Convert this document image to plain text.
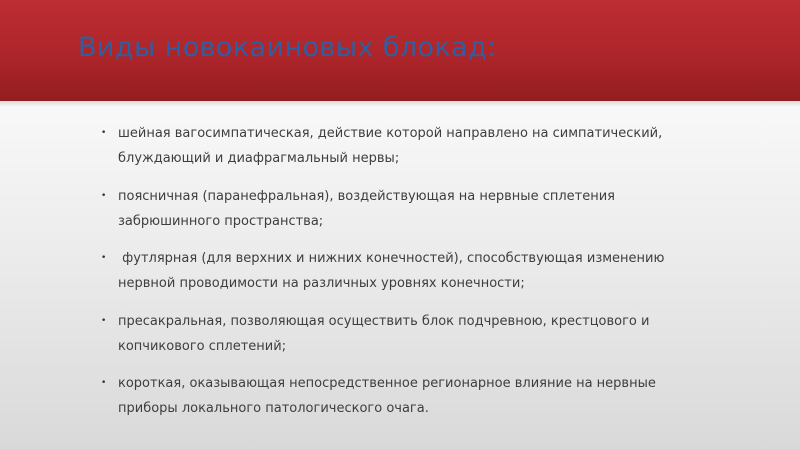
Виды новокаиновых блокад:
• шейная вагосимпатическая, действие которой направлено на симпатический, блуждающий и диафрагмальный нервы;
• поясничная (паранефральная), воздействующая на нервные сплетения забрюшинного пространства;
• футлярная (для верхних и нижних конечностей), способствующая изменению нервной проводимости на различных уровнях конечности;
• пресакральная, позволяющая осуществить блок подчревною, крестцового и копчикового сплетений;
• короткая, оказывающая непосредственное регионарное влияние на нервные приборы локального патологического очага.
